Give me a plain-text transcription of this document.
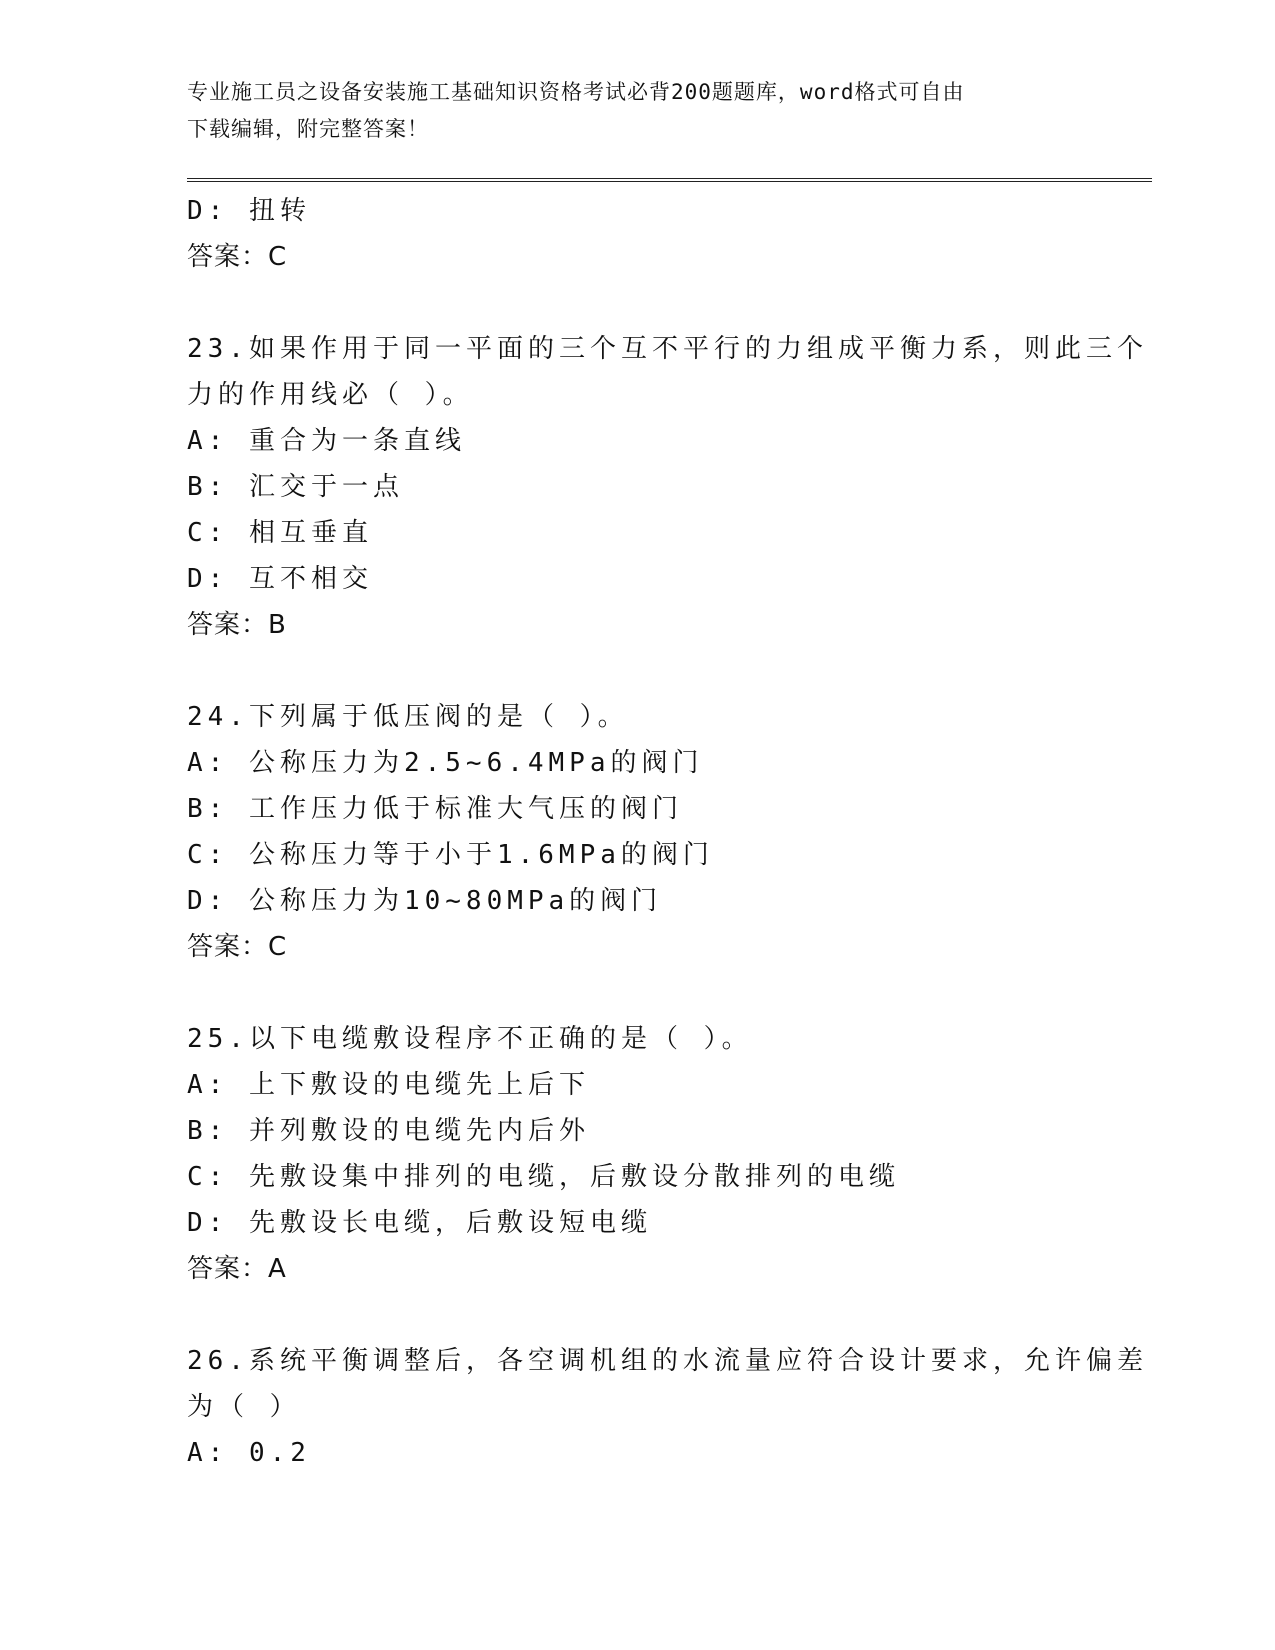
专业施工员之设备安装施工基础知识资格考试必背200题题库，word格式可自由
下载编辑，附完整答案！
D: 扭转
答案：C
23.如果作用于同一平面的三个互不平行的力组成平衡力系，则此三个
力的作用线必（ ）。
A: 重合为一条直线
B: 汇交于一点
C: 相互垂直
D: 互不相交
答案：B
24.下列属于低压阀的是（ ）。
A: 公称压力为2.5~6.4MPa的阀门
B: 工作压力低于标准大气压的阀门
C: 公称压力等于小于1.6MPa的阀门
D: 公称压力为10~80MPa的阀门
答案：C
25.以下电缆敷设程序不正确的是（ ）。
A: 上下敷设的电缆先上后下
B: 并列敷设的电缆先内后外
C: 先敷设集中排列的电缆，后敷设分散排列的电缆
D: 先敷设长电缆，后敷设短电缆
答案：A
26.系统平衡调整后，各空调机组的水流量应符合设计要求，允许偏差
为（ ）
A: 0.2
